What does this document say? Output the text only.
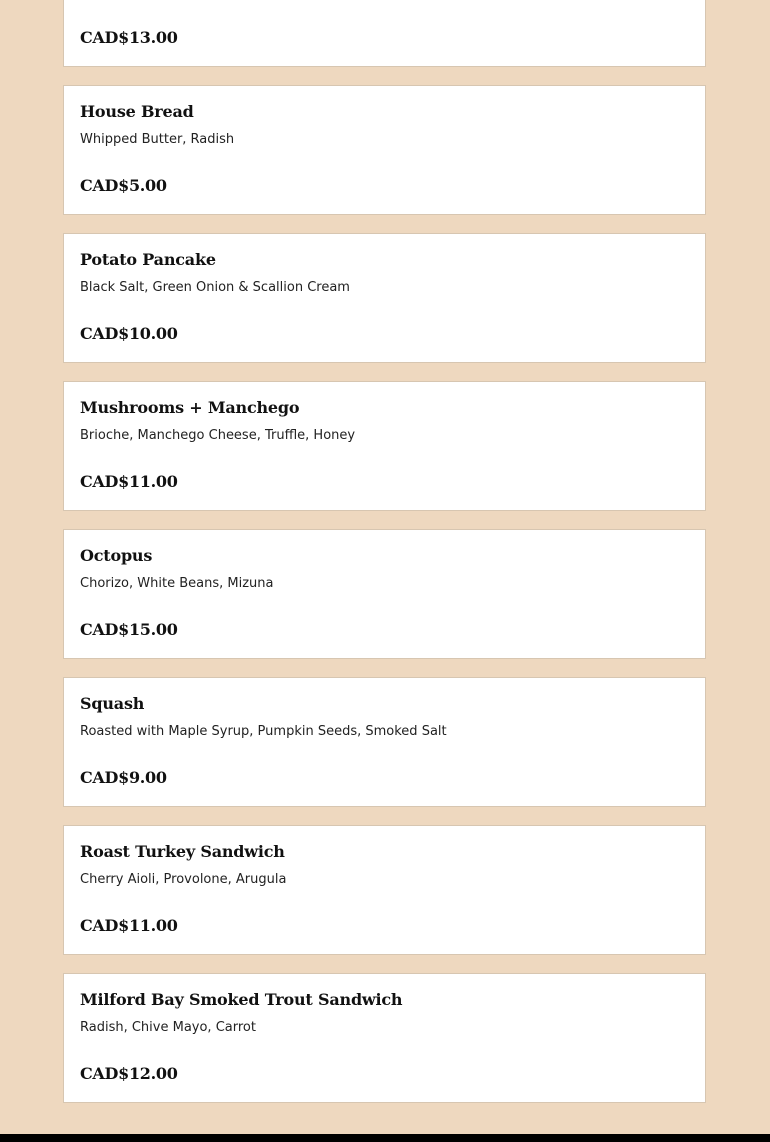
CAD$13.00
House Bread
Whipped Butter, Radish
CAD$5.00
Potato Pancake
Black Salt, Green Onion & Scallion Cream
CAD$10.00
Mushrooms + Manchego
Brioche, Manchego Cheese, Truffle, Honey
CAD$11.00
Octopus
Chorizo, White Beans, Mizuna
CAD$15.00
Squash
Roasted with Maple Syrup, Pumpkin Seeds, Smoked Salt
CAD$9.00
Roast Turkey Sandwich
Cherry Aioli, Provolone, Arugula
CAD$11.00
Milford Bay Smoked Trout Sandwich
Radish, Chive Mayo, Carrot
CAD$12.00
